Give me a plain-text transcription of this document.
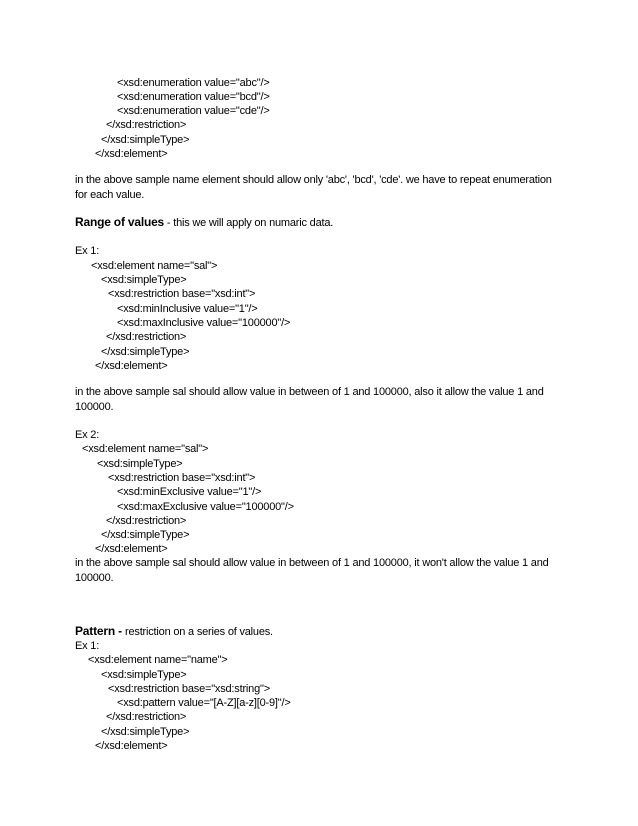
<xsd:enumeration value="abc"/>
<xsd:enumeration value="bcd"/>
<xsd:enumeration value="cde"/>
</xsd:restriction>
</xsd:simpleType>
</xsd:element>
in the above sample name element should allow only 'abc', 'bcd', 'cde'. we have to repeat enumeration
for each value.
Range of values - this we will apply on numaric data.
Ex 1:
<xsd:element name="sal">
<xsd:simpleType>
<xsd:restriction base="xsd:int">
<xsd:minInclusive value="1"/>
<xsd:maxInclusive value="100000"/>
</xsd:restriction>
</xsd:simpleType>
</xsd:element>
in the above sample sal should allow value in between of 1 and 100000, also it allow the value 1 and
100000.
Ex 2:
<xsd:element name="sal">
<xsd:simpleType>
<xsd:restriction base="xsd:int">
<xsd:minExclusive value="1"/>
<xsd:maxExclusive value="100000"/>
</xsd:restriction>
</xsd:simpleType>
</xsd:element>
in the above sample sal should allow value in between of 1 and 100000, it won't allow the value 1 and
100000.
Pattern - restriction on a series of values.
Ex 1:
<xsd:element name="name">
<xsd:simpleType>
<xsd:restriction base="xsd:string">
<xsd:pattern value="[A-Z][a-z][0-9]"/>
</xsd:restriction>
</xsd:simpleType>
</xsd:element>
